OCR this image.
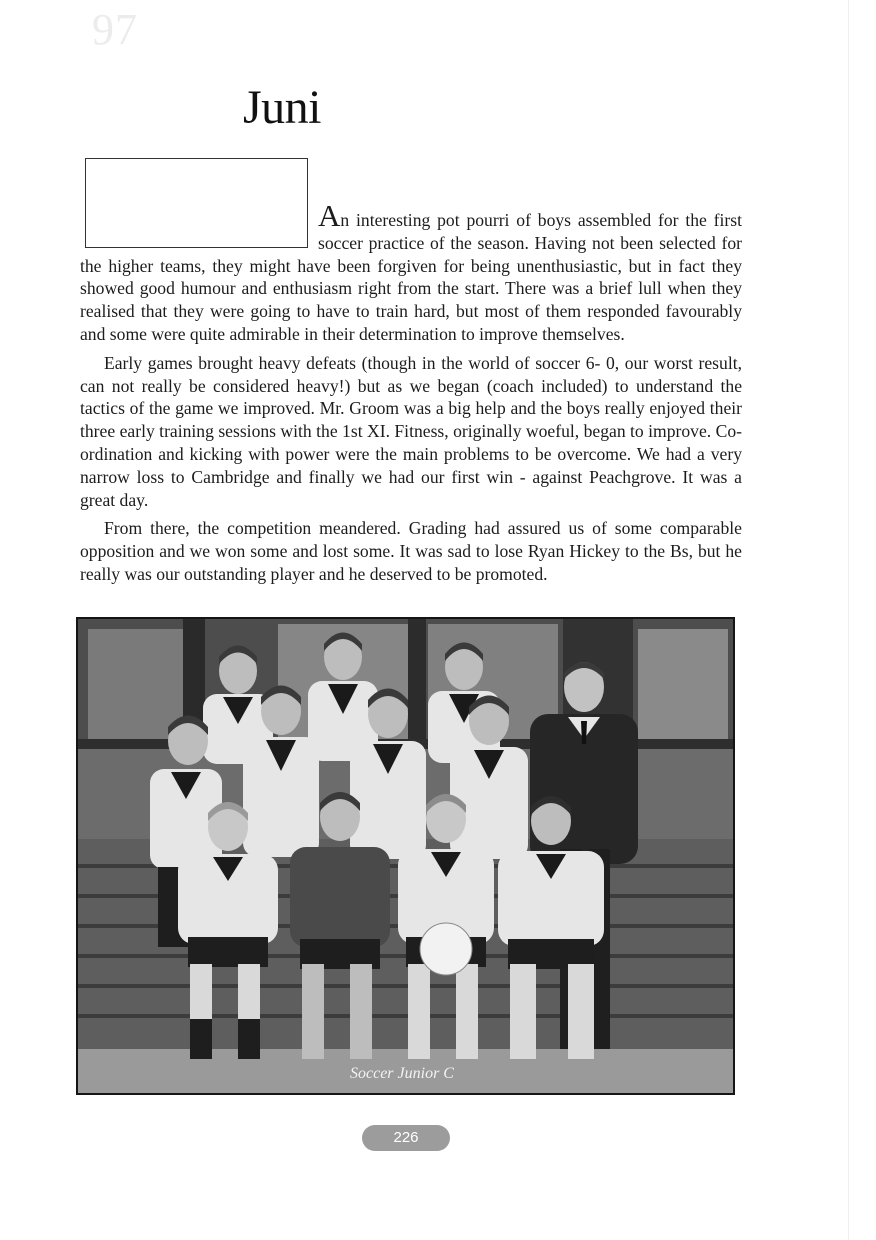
97
Juni

An interesting pot pourri of boys assembled for the first soccer practice of the season. Having not been selected for the higher teams, they might have been forgiven for being unenthusiastic, but in fact they showed good humour and enthusiasm right from the start. There was a brief lull when they realised that they were going to have to train hard, but most of them responded favourably and some were quite admirable in their determination to improve themselves.

Early games brought heavy defeats (though in the world of soccer 6- 0, our worst result, can not really be considered heavy!) but as we began (coach included) to understand the tactics of the game we improved. Mr. Groom was a big help and the boys really enjoyed their three early training sessions with the 1st XI. Fitness, originally woeful, began to improve. Co-ordination and kicking with power were the main problems to be overcome. We had a very narrow loss to Cambridge and finally we had our first win - against Peachgrove. It was a great day.

From there, the competition meandered. Grading had assured us of some comparable opposition and we won some and lost some. It was sad to lose Ryan Hickey to the Bs, but he really was our outstanding player and he deserved to be promoted.

Soccer Junior C
226
